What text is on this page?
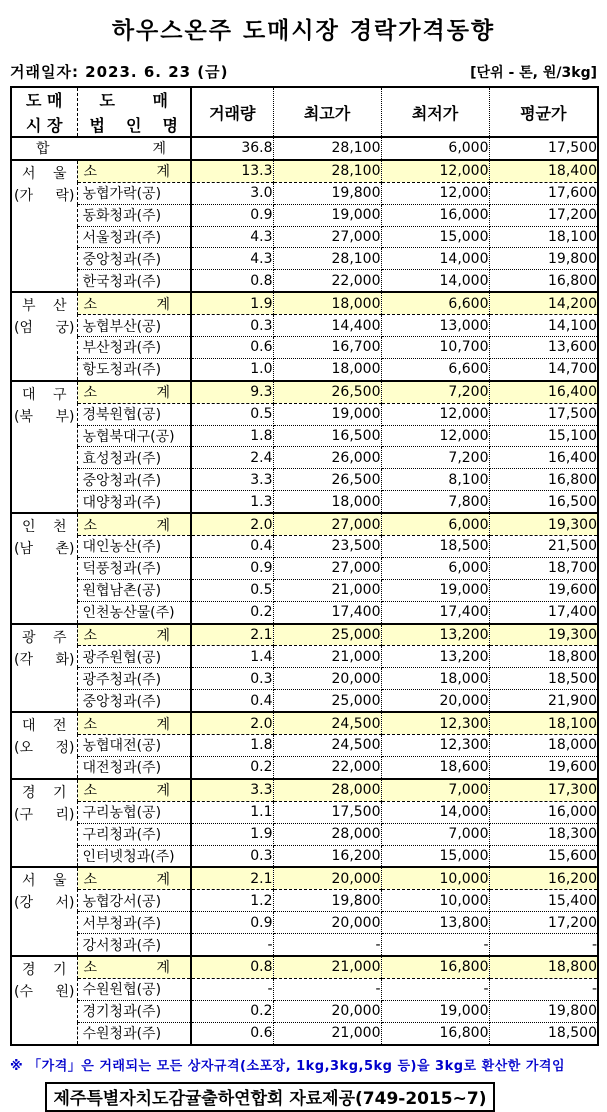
하우스온주 도매시장 경락가격동향
거래일자: 2023. 6. 23 (금)	[단위 - 톤, 원/3kg]
도 매
시 장

도 매
법 인 명
	거래량	최고가	최저가	평균가

합 계		36.8	28,100	6,000	17,500

서 울
(가 락)

소	계	13.3	28,100	12,000	18,400

	농협가락(공)	3.0	19,800	12,000	17,600

	동화청과(주)	0.9	19,000	16,000	17,200

	서울청과(주)	4.3	27,000	15,000	18,100

	중앙청과(주)	4.3	28,100	14,000	19,800

	한국청과(주)	0.8	22,000	14,000	16,800

부 산
(엄 궁)

소	계	1.9	18,000	6,600	14,200

	농협부산(공)	0.3	14,400	13,000	14,100

	부산청과(주)	0.6	16,700	10,700	13,600

	항도청과(주)	1.0	18,000	6,600	14,700

대 구
(북 부)

소	계	9.3	26,500	7,200	16,400

	경북원협(공)	0.5	19,000	12,000	17,500

	농협북대구(공)	1.8	16,500	12,000	15,100

	효성청과(주)	2.4	26,000	7,200	16,400

	중앙청과(주)	3.3	26,500	8,100	16,800

	대양청과(주)	1.3	18,000	7,800	16,500

인 천
(남 촌)

소	계	2.0	27,000	6,000	19,300

	대인농산(주)	0.4	23,500	18,500	21,500

	덕풍청과(주)	0.9	27,000	6,000	18,700

	원협남촌(공)	0.5	21,000	19,000	19,600

	인천농산물(주)	0.2	17,400	17,400	17,400

광 주
(각 화)

소	계	2.1	25,000	13,200	19,300

	광주원협(공)	1.4	21,000	13,200	18,800

	광주청과(주)	0.3	20,000	18,000	18,500

	중앙청과(주)	0.4	25,000	20,000	21,900

대 전
(오 정)

소	계	2.0	24,500	12,300	18,100

	농협대전(공)	1.8	24,500	12,300	18,000

	대전청과(주)	0.2	22,000	18,600	19,600

경 기
(구 리)

소	계	3.3	28,000	7,000	17,300

	구리농협(공)	1.1	17,500	14,000	16,000

	구리청과(주)	1.9	28,000	7,000	18,300

	인터넷청과(주)	0.3	16,200	15,000	15,600

서 울
(강 서)

소	계	2.1	20,000	10,000	16,200

	농협강서(공)	1.2	19,800	10,000	15,400

	서부청과(주)	0.9	20,000	13,800	17,200

	강서청과(주)	-	-	-	-

경 기
(수 원)

소	계	0.8	21,000	16,800	18,800

	수원원협(공)	-	-	-	-

	경기청과(주)	0.2	20,000	19,000	19,800

	수원청과(주)	0.6	21,000	16,800	18,500
※ 「가격」은 거래되는 모든 상자규격(소포장, 1kg,3kg,5kg 등)을 3kg로 환산한 가격임
제주특별자치도감귤출하연합회 자료제공(749-2015~7)
